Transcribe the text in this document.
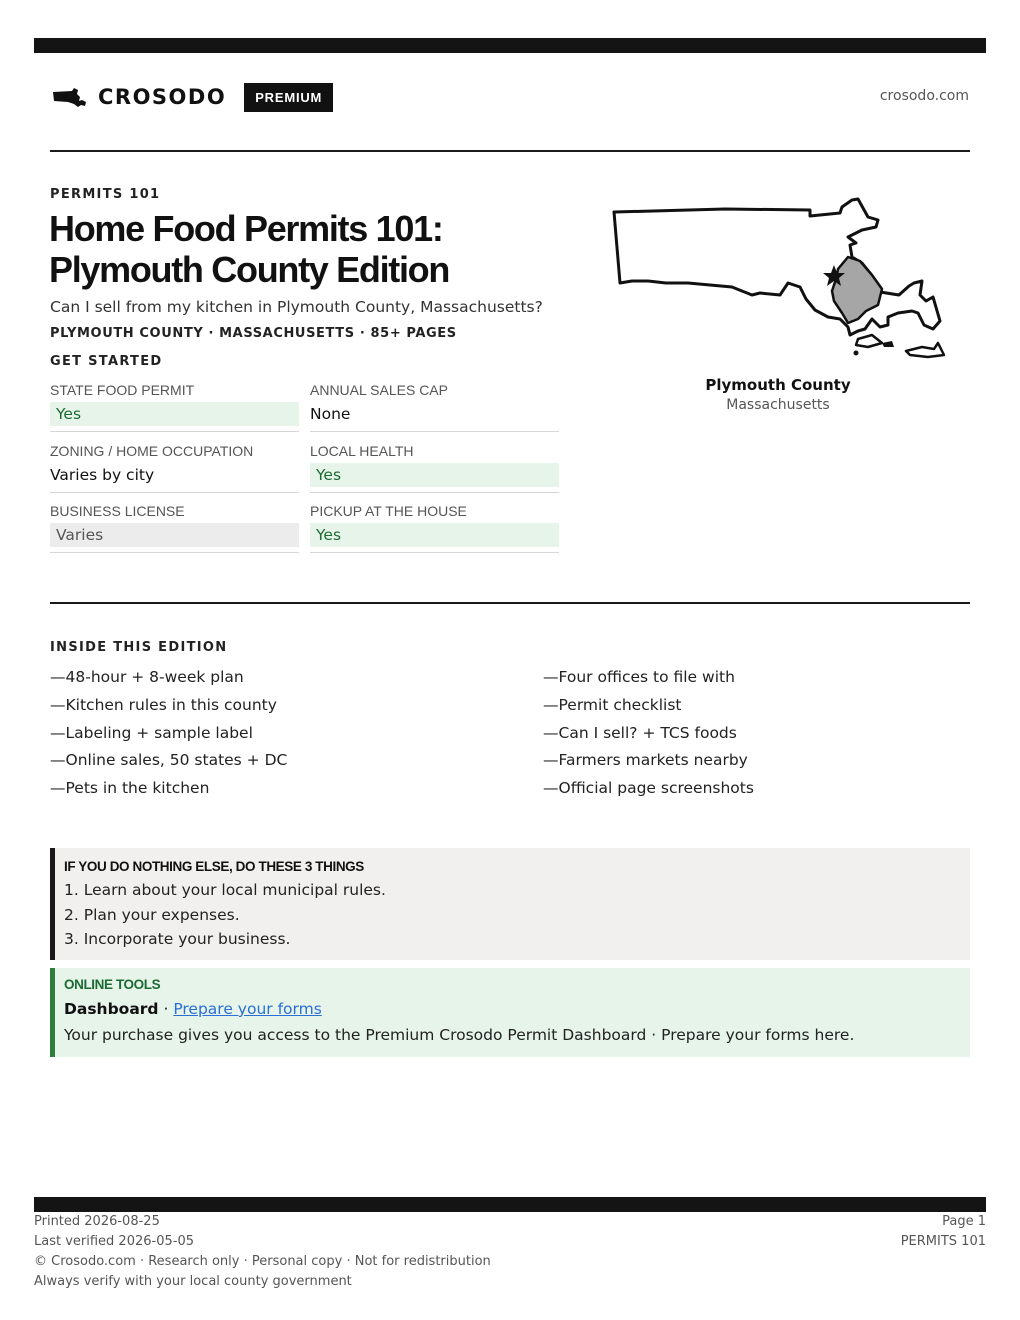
CROSODO	PREMIUM	crosodo.com
PERMITS 101
Home Food Permits 101:
Plymouth County Edition
Can I sell from my kitchen in Plymouth County, Massachusetts?
PLYMOUTH COUNTY · MASSACHUSETTS · 85+ PAGES
GET STARTED
STATE FOOD PERMIT
Yes
ANNUAL SALES CAP
None
ZONING / HOME OCCUPATION
Varies by city
LOCAL HEALTH
Yes
BUSINESS LICENSE
Varies
PICKUP AT THE HOUSE
Yes
Plymouth County
Massachusetts
INSIDE THIS EDITION
—48-hour + 8-week plan
—Kitchen rules in this county
—Labeling + sample label
—Online sales, 50 states + DC
—Pets in the kitchen
—Four offices to file with
—Permit checklist
—Can I sell? + TCS foods
—Farmers markets nearby
—Official page screenshots
IF YOU DO NOTHING ELSE, DO THESE 3 THINGS
1. Learn about your local municipal rules.
2. Plan your expenses.
3. Incorporate your business.
ONLINE TOOLS
Dashboard · Prepare your forms
Your purchase gives you access to the Premium Crosodo Permit Dashboard · Prepare your forms here.
Printed 2026-08-25
Last verified 2026-05-05
© Crosodo.com · Research only · Personal copy · Not for redistribution
Always verify with your local county government
Page 1
PERMITS 101
